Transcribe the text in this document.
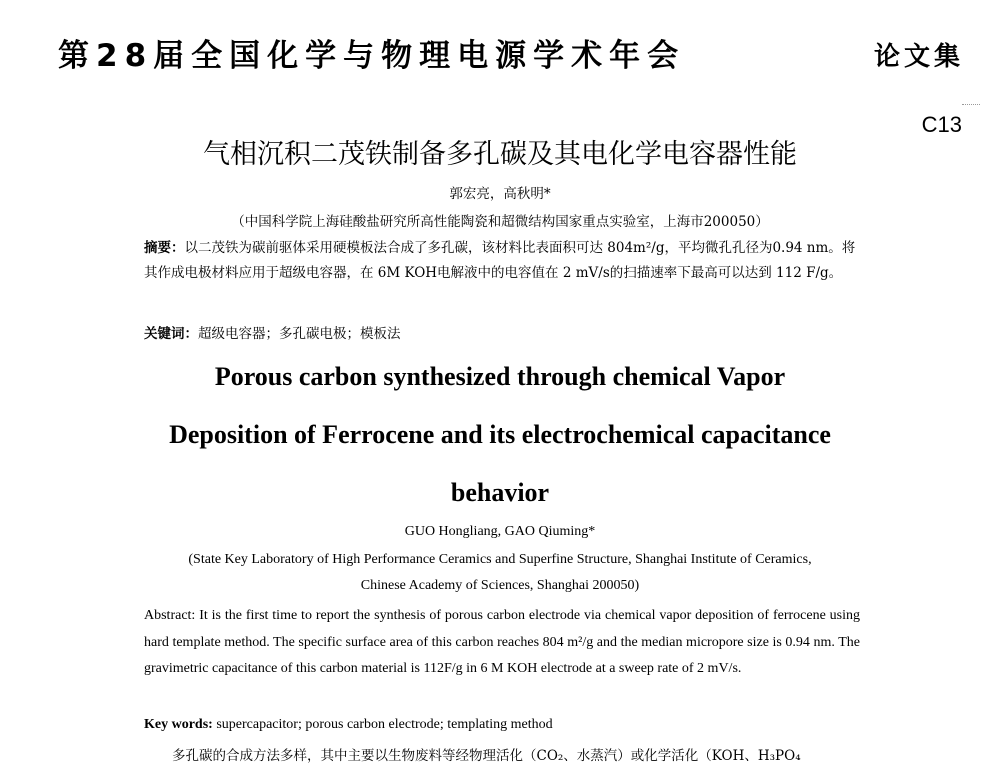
第28届全国化学与物理电源学术年会	论文集
C13
气相沉积二茂铁制备多孔碳及其电化学电容器性能
郭宏亮，高秋明*
（中国科学院上海硅酸盐研究所高性能陶瓷和超微结构国家重点实验室，上海市200050）
摘要：以二茂铁为碳前驱体采用硬模板法合成了多孔碳，该材料比表面积可达 804m²/g，平均微孔孔径为0.94 nm。将其作成电极材料应用于超级电容器，在 6M KOH电解液中的电容值在 2 mV/s的扫描速率下最高可以达到 112 F/g。
关键词：超级电容器；多孔碳电极；模板法
Porous carbon synthesized through chemical Vapor
Deposition of Ferrocene and its electrochemical capacitance
behavior
GUO Hongliang, GAO Qiuming*
(State Key Laboratory of High Performance Ceramics and Superfine Structure, Shanghai Institute of Ceramics,
Chinese Academy of Sciences, Shanghai 200050)
Abstract: It is the first time to report the synthesis of porous carbon electrode via chemical vapor deposition of ferrocene using hard template method. The specific surface area of this carbon reaches 804 m²/g and the median micropore size is 0.94 nm. The gravimetric capacitance of this carbon material is 112F/g in 6 M KOH electrode at a sweep rate of 2 mV/s.
Key words: supercapacitor; porous carbon electrode; templating method
多孔碳的合成方法多样，其中主要以生物废料等经物理活化（CO₂、水蒸汽）或化学活化（KOH、H₃PO₄
